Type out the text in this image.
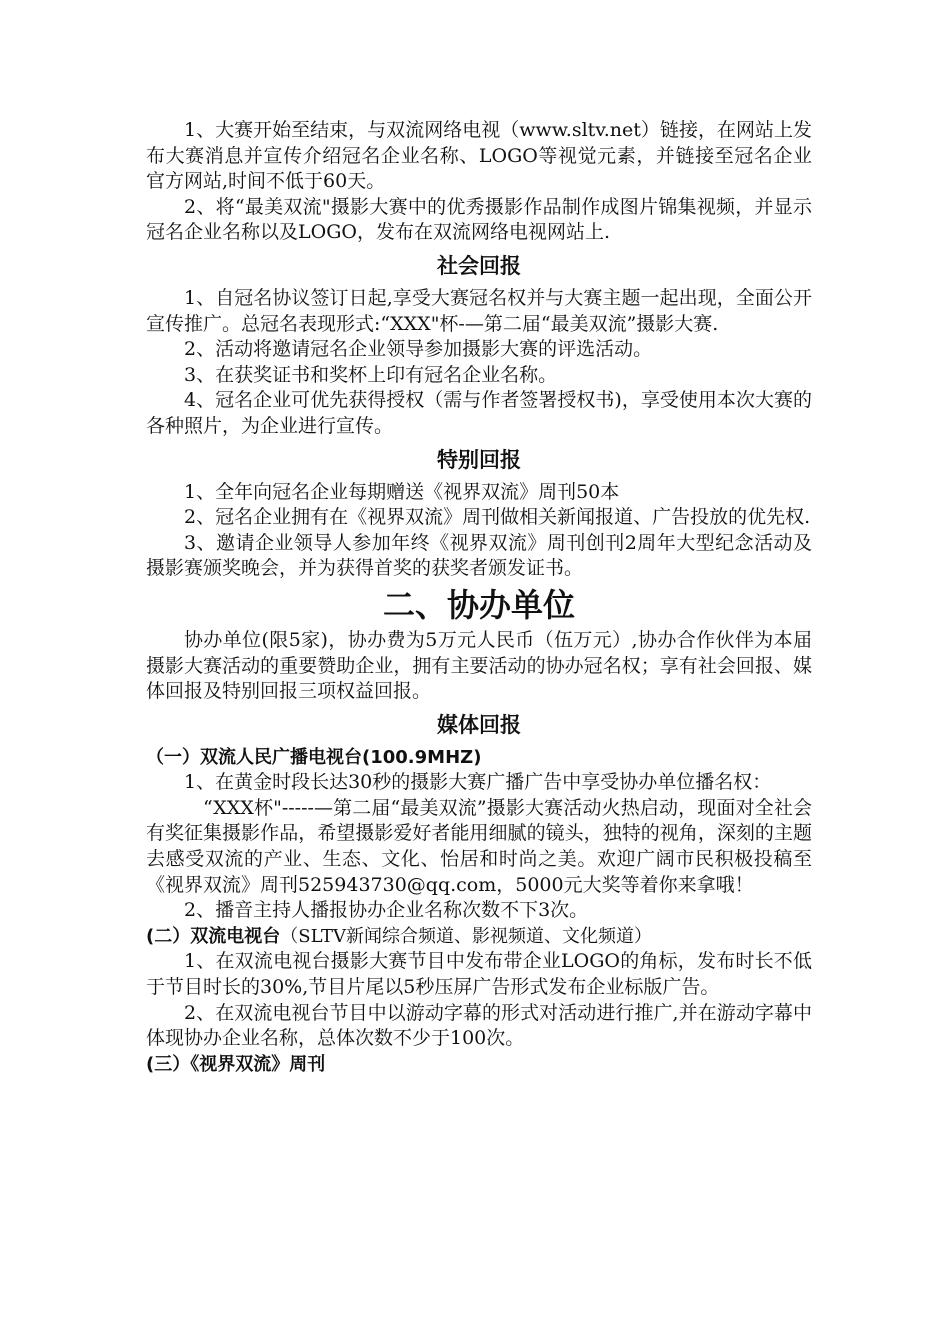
1、大赛开始至结束，与双流网络电视（www.sltv.net）链接，在网站上发布大赛消息并宣传介绍冠名企业名称、LOGO等视觉元素，并链接至冠名企业官方网站,时间不低于60天。

2、将“最美双流"摄影大赛中的优秀摄影作品制作成图片锦集视频，并显示冠名企业名称以及LOGO，发布在双流网络电视网站上.

社会回报

1、自冠名协议签订日起,享受大赛冠名权并与大赛主题一起出现，全面公开宣传推广。总冠名表现形式:“XXX"杯-—第二届“最美双流”摄影大赛.

2、活动将邀请冠名企业领导参加摄影大赛的评选活动。

3、在获奖证书和奖杯上印有冠名企业名称。

4、冠名企业可优先获得授权（需与作者签署授权书)，享受使用本次大赛的各种照片，为企业进行宣传。

特别回报

1、全年向冠名企业每期赠送《视界双流》周刊50本

2、冠名企业拥有在《视界双流》周刊做相关新闻报道、广告投放的优先权.

3、邀请企业领导人参加年终《视界双流》周刊创刊2周年大型纪念活动及摄影赛颁奖晚会，并为获得首奖的获奖者颁发证书。

二、协办单位

协办单位(限5家)，协办费为5万元人民币（伍万元）,协办合作伙伴为本届摄影大赛活动的重要赞助企业，拥有主要活动的协办冠名权；享有社会回报、媒体回报及特别回报三项权益回报。

媒体回报

（一）双流人民广播电视台(100.9MHZ)

1、在黄金时段长达30秒的摄影大赛广播广告中享受协办单位播名权：

“XXX杯"-----—第二届“最美双流”摄影大赛活动火热启动，现面对全社会有奖征集摄影作品，希望摄影爱好者能用细腻的镜头，独特的视角，深刻的主题去感受双流的产业、生态、文化、怡居和时尚之美。欢迎广阔市民积极投稿至《视界双流》周刊525943730@qq.com，5000元大奖等着你来拿哦！

2、播音主持人播报协办企业名称次数不下3次。

(二）双流电视台（SLTV新闻综合频道、影视频道、文化频道）

1、在双流电视台摄影大赛节目中发布带企业LOGO的角标，发布时长不低于节目时长的30%,节目片尾以5秒压屏广告形式发布企业标版广告。

2、在双流电视台节目中以游动字幕的形式对活动进行推广,并在游动字幕中体现协办企业名称，总体次数不少于100次。

(三）《视界双流》周刊
